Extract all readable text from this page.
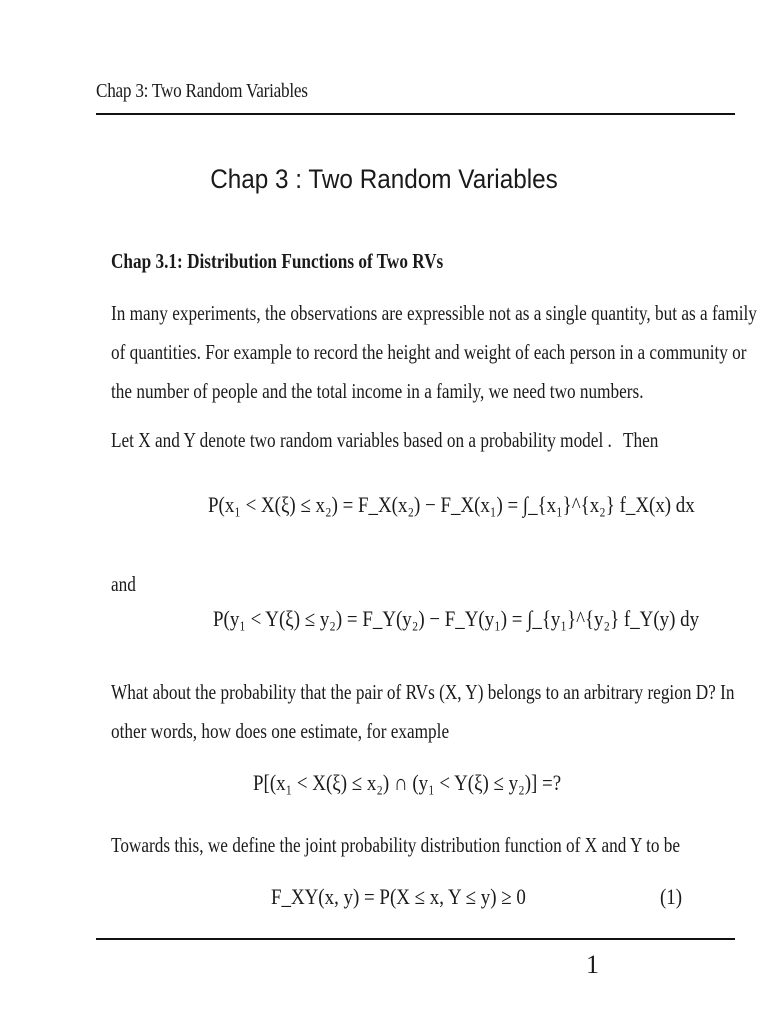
Chap 3: Two Random Variables
Chap 3 : Two Random Variables
Chap 3.1: Distribution Functions of Two RVs
In many experiments, the observations are expressible not as a single quantity, but as a family
of quantities. For example to record the height and weight of each person in a community or
the number of people and the total income in a family, we need two numbers.
Let X and Y denote two random variables based on a probability model . Then
P(x₁ < X(ξ) ≤ x₂) = F_X(x₂) − F_X(x₁) = ∫_{x₁}^{x₂} f_X(x) dx
and
P(y₁ < Y(ξ) ≤ y₂) = F_Y(y₂) − F_Y(y₁) = ∫_{y₁}^{y₂} f_Y(y) dy
What about the probability that the pair of RVs (X, Y) belongs to an arbitrary region D? In
other words, how does one estimate, for example
P[(x₁ < X(ξ) ≤ x₂) ∩ (y₁ < Y(ξ) ≤ y₂)] =?
Towards this, we define the joint probability distribution function of X and Y to be
F_XY(x, y) = P(X ≤ x, Y ≤ y) ≥ 0	(1)
1
